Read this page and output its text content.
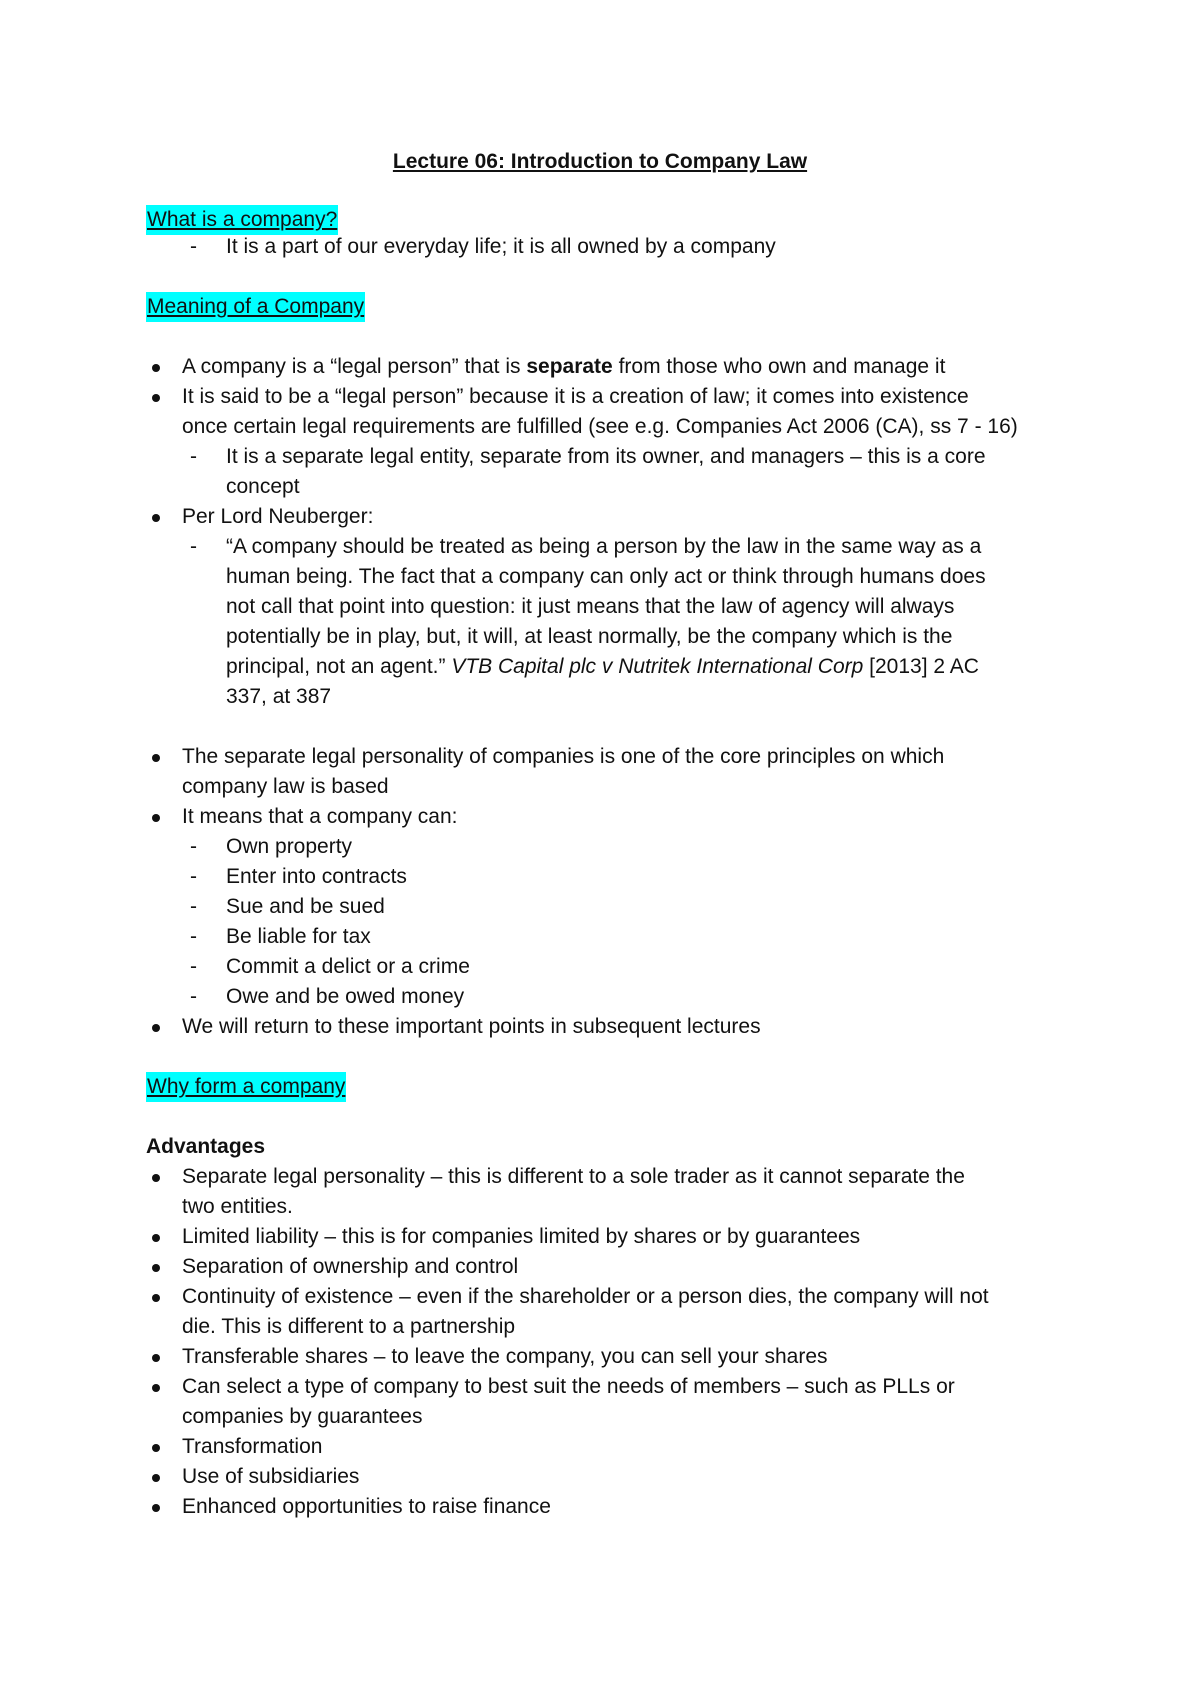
Lecture 06: Introduction to Company Law
What is a company?
- It is a part of our everyday life; it is all owned by a company
Meaning of a Company
A company is a “legal person” that is separate from those who own and manage it
It is said to be a “legal person” because it is a creation of law; it comes into existence
once certain legal requirements are fulfilled (see e.g. Companies Act 2006 (CA), ss 7 - 16)
- It is a separate legal entity, separate from its owner, and managers – this is a core
concept
Per Lord Neuberger:
- “A company should be treated as being a person by the law in the same way as a
human being. The fact that a company can only act or think through humans does
not call that point into question: it just means that the law of agency will always
potentially be in play, but, it will, at least normally, be the company which is the
principal, not an agent.” VTB Capital plc v Nutritek International Corp [2013] 2 AC
337, at 387
The separate legal personality of companies is one of the core principles on which
company law is based
It means that a company can:
- Own property
- Enter into contracts
- Sue and be sued
- Be liable for tax
- Commit a delict or a crime
- Owe and be owed money
We will return to these important points in subsequent lectures
Why form a company
Advantages
Separate legal personality – this is different to a sole trader as it cannot separate the
two entities.
Limited liability – this is for companies limited by shares or by guarantees
Separation of ownership and control
Continuity of existence – even if the shareholder or a person dies, the company will not
die. This is different to a partnership
Transferable shares – to leave the company, you can sell your shares
Can select a type of company to best suit the needs of members – such as PLLs or
companies by guarantees
Transformation
Use of subsidiaries
Enhanced opportunities to raise finance
